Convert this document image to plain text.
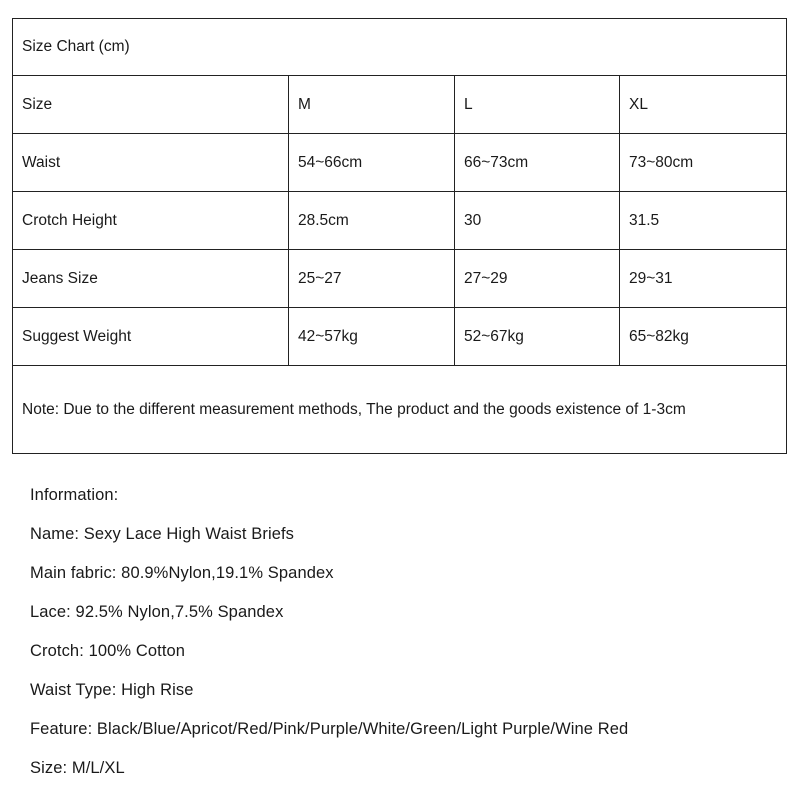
Size Chart (cm)			
Size	M	L	XL
Waist	54~66cm	66~73cm	73~80cm
Crotch Height	28.5cm	30	31.5
Jeans Size	25~27	27~29	29~31
Suggest Weight	42~57kg	52~67kg	65~82kg
Note: Due to the different measurement methods, The product and the goods existence of 1-3cm			
Information:
Name: Sexy Lace High Waist Briefs
Main fabric: 80.9%Nylon,19.1% Spandex
Lace: 92.5% Nylon,7.5% Spandex
Crotch: 100% Cotton
Waist Type: High Rise
Feature: Black/Blue/Apricot/Red/Pink/Purple/White/Green/Light Purple/Wine Red
Size: M/L/XL
